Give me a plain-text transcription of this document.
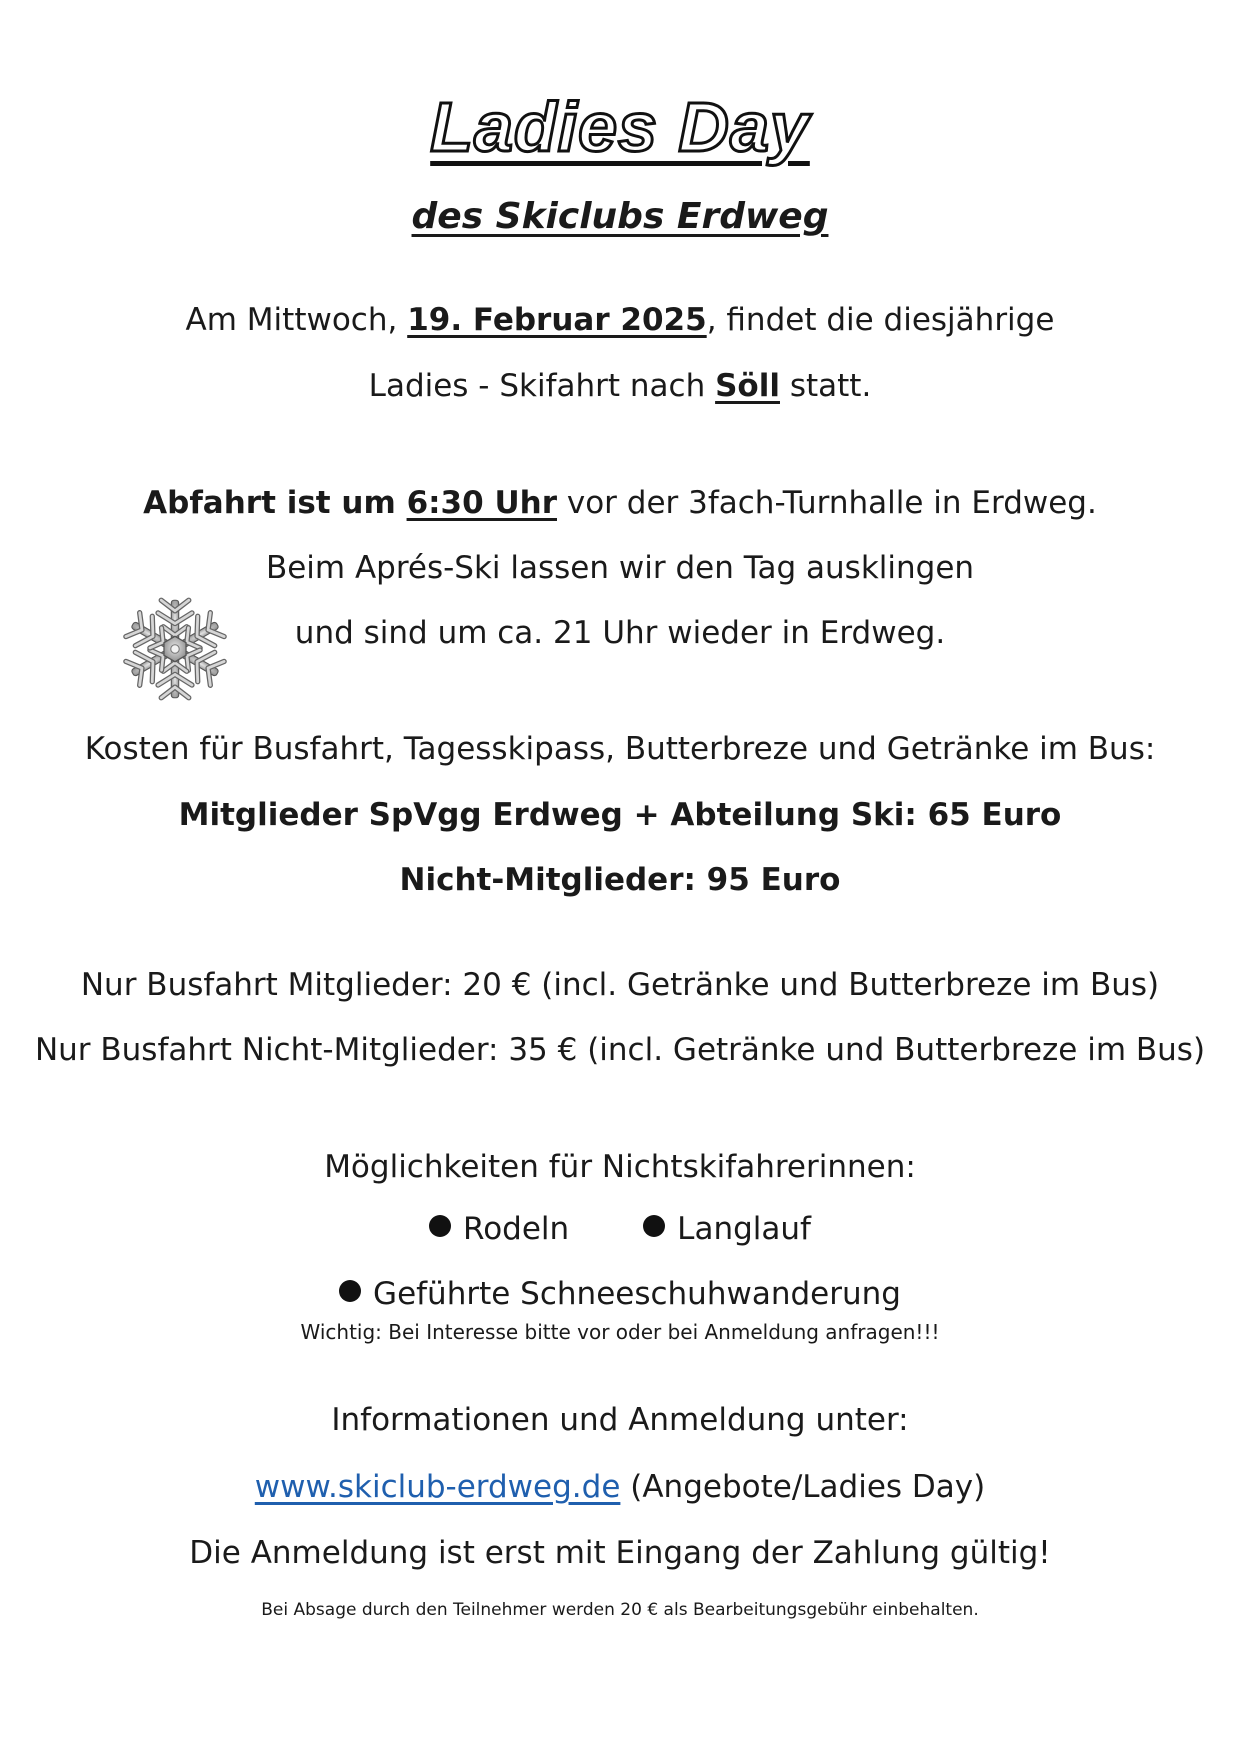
Ladies Day
des Skiclubs Erdweg
Am Mittwoch, 19. Februar 2025, findet die diesjährige
Ladies - Skifahrt nach Söll statt.
Abfahrt ist um 6:30 Uhr vor der 3fach-Turnhalle in Erdweg.
Beim Aprés-Ski lassen wir den Tag ausklingen
und sind um ca. 21 Uhr wieder in Erdweg.
Kosten für Busfahrt, Tagesskipass, Butterbreze und Getränke im Bus:
Mitglieder SpVgg Erdweg + Abteilung Ski: 65 Euro
Nicht-Mitglieder: 95 Euro
Nur Busfahrt Mitglieder: 20 € (incl. Getränke und Butterbreze im Bus)
Nur Busfahrt Nicht-Mitglieder: 35 € (incl. Getränke und Butterbreze im Bus)
Möglichkeiten für Nichtskifahrerinnen:
Rodeln	Langlauf
Geführte Schneeschuhwanderung
Wichtig: Bei Interesse bitte vor oder bei Anmeldung anfragen!!!
Informationen und Anmeldung unter:
www.skiclub-erdweg.de (Angebote/Ladies Day)
Die Anmeldung ist erst mit Eingang der Zahlung gültig!
Bei Absage durch den Teilnehmer werden 20 € als Bearbeitungsgebühr einbehalten.
